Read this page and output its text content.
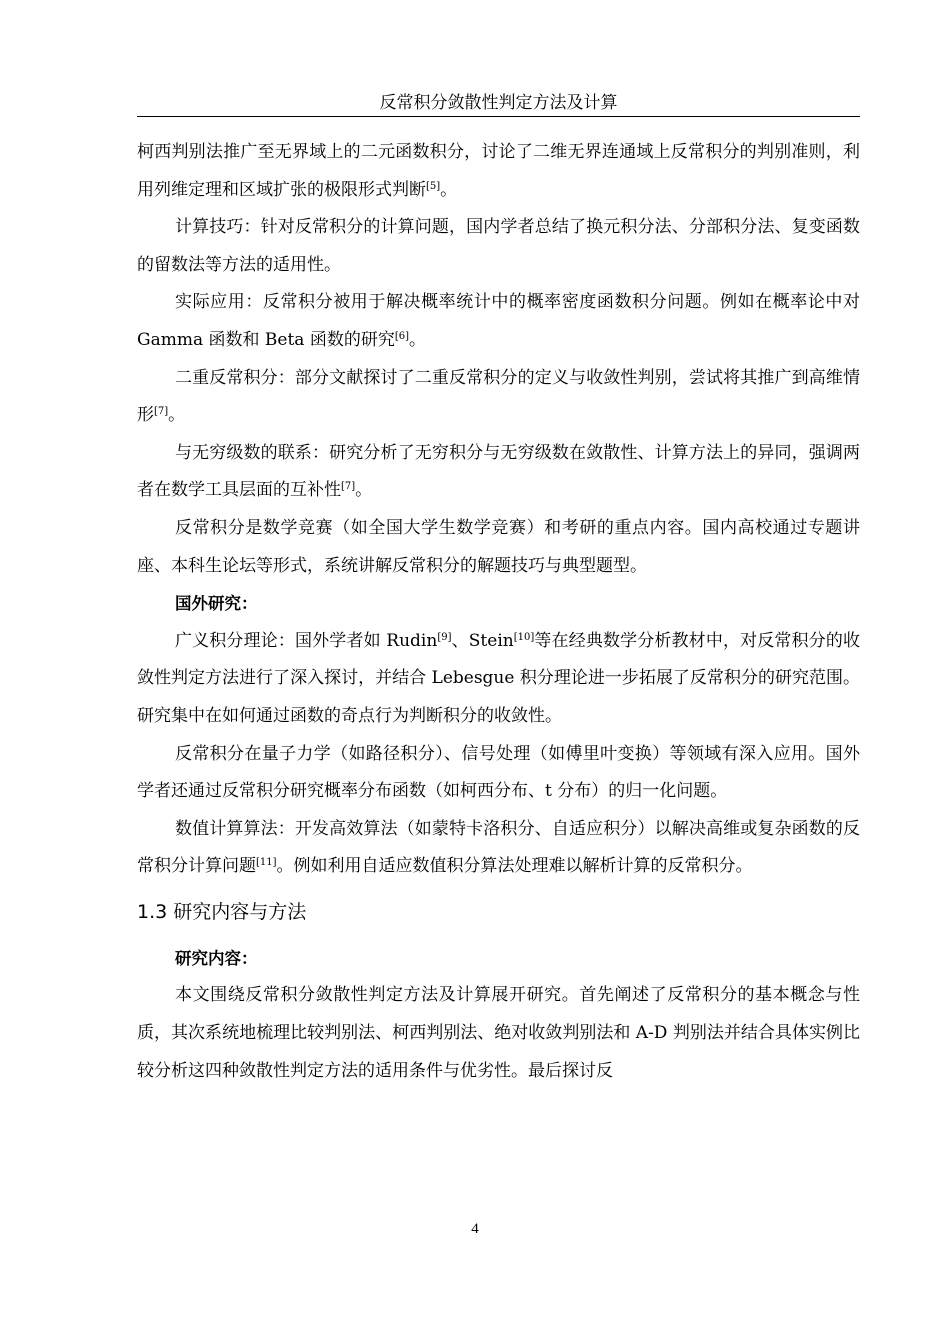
反常积分敛散性判定方法及计算

柯西判别法推广至无界域上的二元函数积分，讨论了二维无界连通域上反常积分的判别准则，利用列维定理和区域扩张的极限形式判断[5]。

计算技巧：针对反常积分的计算问题，国内学者总结了换元积分法、分部积分法、复变函数的留数法等方法的适用性。

实际应用：反常积分被用于解决概率统计中的概率密度函数积分问题。例如在概率论中对 Gamma 函数和 Beta 函数的研究[6]。

二重反常积分：部分文献探讨了二重反常积分的定义与收敛性判别，尝试将其推广到高维情形[7]。

与无穷级数的联系：研究分析了无穷积分与无穷级数在敛散性、计算方法上的异同，强调两者在数学工具层面的互补性[7]。

反常积分是数学竞赛（如全国大学生数学竞赛）和考研的重点内容。国内高校通过专题讲座、本科生论坛等形式，系统讲解反常积分的解题技巧与典型题型。

国外研究：

广义积分理论：国外学者如 Rudin[9]、Stein[10]等在经典数学分析教材中，对反常积分的收敛性判定方法进行了深入探讨，并结合 Lebesgue 积分理论进一步拓展了反常积分的研究范围。研究集中在如何通过函数的奇点行为判断积分的收敛性。

反常积分在量子力学（如路径积分）、信号处理（如傅里叶变换）等领域有深入应用。国外学者还通过反常积分研究概率分布函数（如柯西分布、t 分布）的归一化问题。

数值计算算法：开发高效算法（如蒙特卡洛积分、自适应积分）以解决高维或复杂函数的反常积分计算问题[11]。例如利用自适应数值积分算法处理难以解析计算的反常积分。

1.3 研究内容与方法

研究内容：

本文围绕反常积分敛散性判定方法及计算展开研究。首先阐述了反常积分的基本概念与性质，其次系统地梳理比较判别法、柯西判别法、绝对收敛判别法和 A-D 判别法并结合具体实例比较分析这四种敛散性判定方法的适用条件与优劣性。最后探讨反

4
